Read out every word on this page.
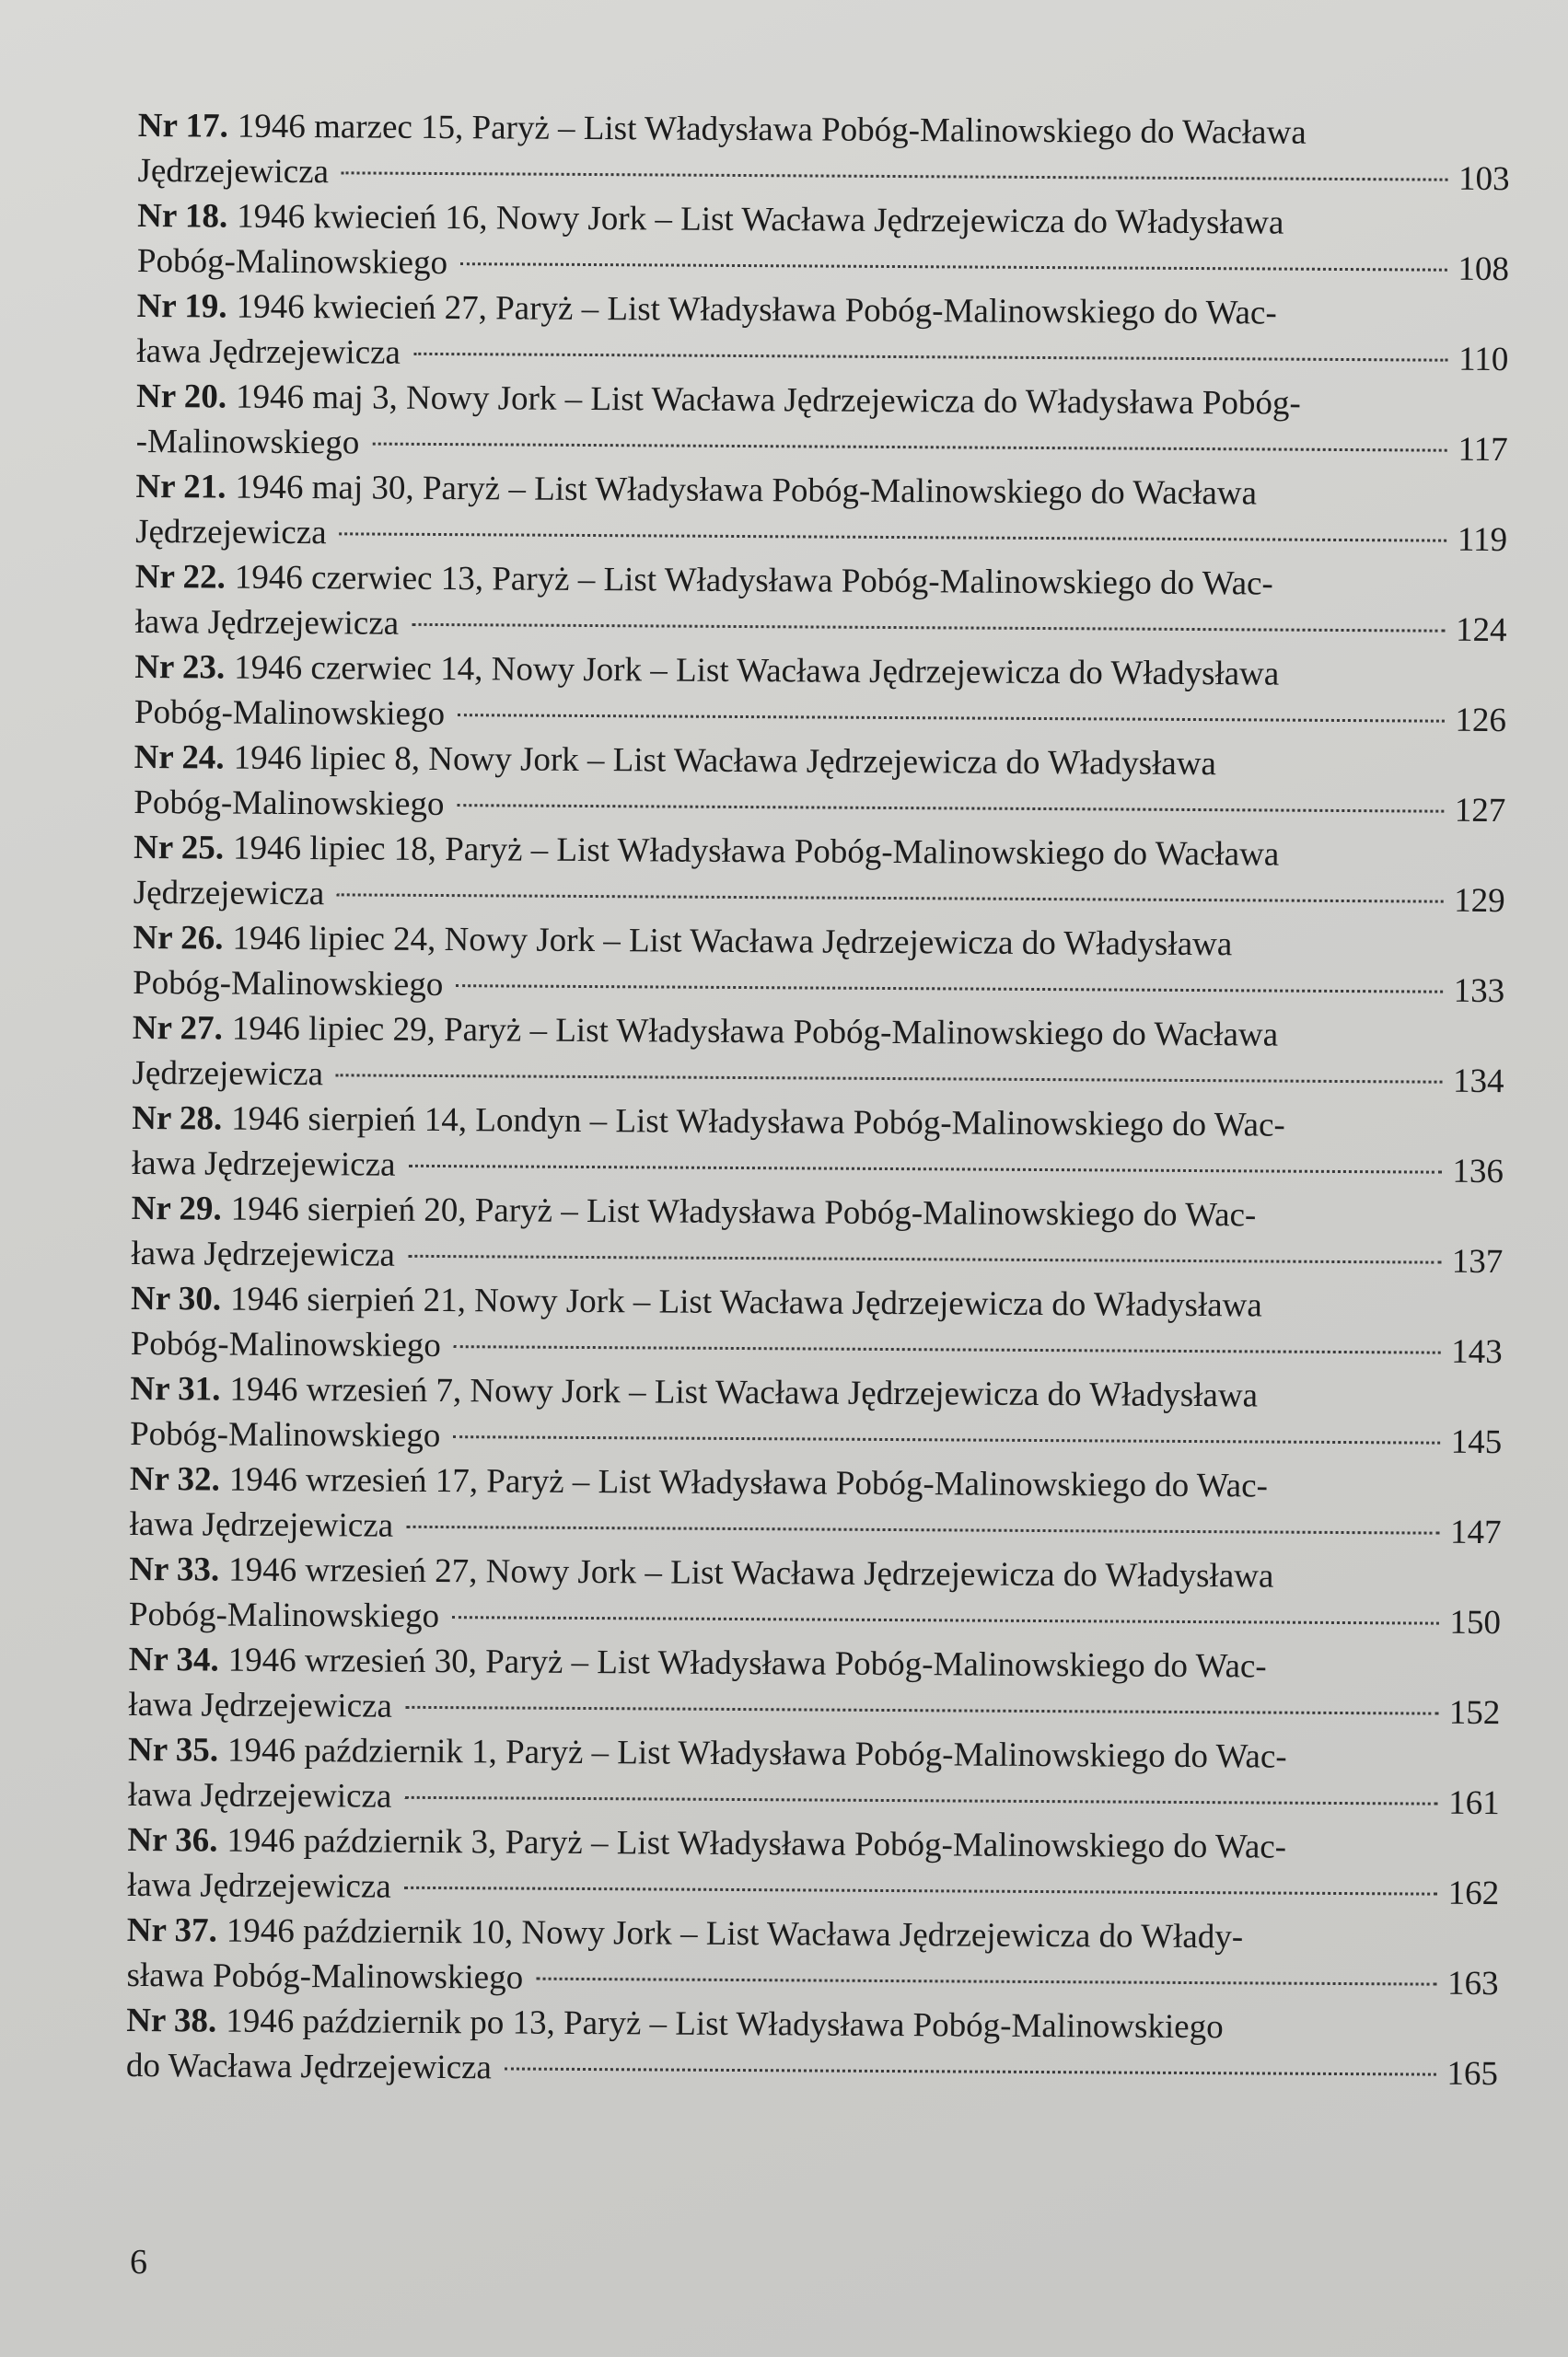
Nr 17. 1946 marzec 15, Paryż – List Władysława Pobóg-Malinowskiego do Wacława
Jędrzejewicza	103
Nr 18. 1946 kwiecień 16, Nowy Jork – List Wacława Jędrzejewicza do Władysława
Pobóg-Malinowskiego	108
Nr 19. 1946 kwiecień 27, Paryż – List Władysława Pobóg-Malinowskiego do Wac-
ława Jędrzejewicza	110
Nr 20. 1946 maj 3, Nowy Jork – List Wacława Jędrzejewicza do Władysława Pobóg-
-Malinowskiego	117
Nr 21. 1946 maj 30, Paryż – List Władysława Pobóg-Malinowskiego do Wacława
Jędrzejewicza	119
Nr 22. 1946 czerwiec 13, Paryż – List Władysława Pobóg-Malinowskiego do Wac-
ława Jędrzejewicza	124
Nr 23. 1946 czerwiec 14, Nowy Jork – List Wacława Jędrzejewicza do Władysława
Pobóg-Malinowskiego	126
Nr 24. 1946 lipiec 8, Nowy Jork – List Wacława Jędrzejewicza do Władysława
Pobóg-Malinowskiego	127
Nr 25. 1946 lipiec 18, Paryż – List Władysława Pobóg-Malinowskiego do Wacława
Jędrzejewicza	129
Nr 26. 1946 lipiec 24, Nowy Jork – List Wacława Jędrzejewicza do Władysława
Pobóg-Malinowskiego	133
Nr 27. 1946 lipiec 29, Paryż – List Władysława Pobóg-Malinowskiego do Wacława
Jędrzejewicza	134
Nr 28. 1946 sierpień 14, Londyn – List Władysława Pobóg-Malinowskiego do Wac-
ława Jędrzejewicza	136
Nr 29. 1946 sierpień 20, Paryż – List Władysława Pobóg-Malinowskiego do Wac-
ława Jędrzejewicza	137
Nr 30. 1946 sierpień 21, Nowy Jork – List Wacława Jędrzejewicza do Władysława
Pobóg-Malinowskiego	143
Nr 31. 1946 wrzesień 7, Nowy Jork – List Wacława Jędrzejewicza do Władysława
Pobóg-Malinowskiego	145
Nr 32. 1946 wrzesień 17, Paryż – List Władysława Pobóg-Malinowskiego do Wac-
ława Jędrzejewicza	147
Nr 33. 1946 wrzesień 27, Nowy Jork – List Wacława Jędrzejewicza do Władysława
Pobóg-Malinowskiego	150
Nr 34. 1946 wrzesień 30, Paryż – List Władysława Pobóg-Malinowskiego do Wac-
ława Jędrzejewicza	152
Nr 35. 1946 październik 1, Paryż – List Władysława Pobóg-Malinowskiego do Wac-
ława Jędrzejewicza	161
Nr 36. 1946 październik 3, Paryż – List Władysława Pobóg-Malinowskiego do Wac-
ława Jędrzejewicza	162
Nr 37. 1946 październik 10, Nowy Jork – List Wacława Jędrzejewicza do Włady-
sława Pobóg-Malinowskiego	163
Nr 38. 1946 październik po 13, Paryż – List Władysława Pobóg-Malinowskiego
do Wacława Jędrzejewicza	165
6
